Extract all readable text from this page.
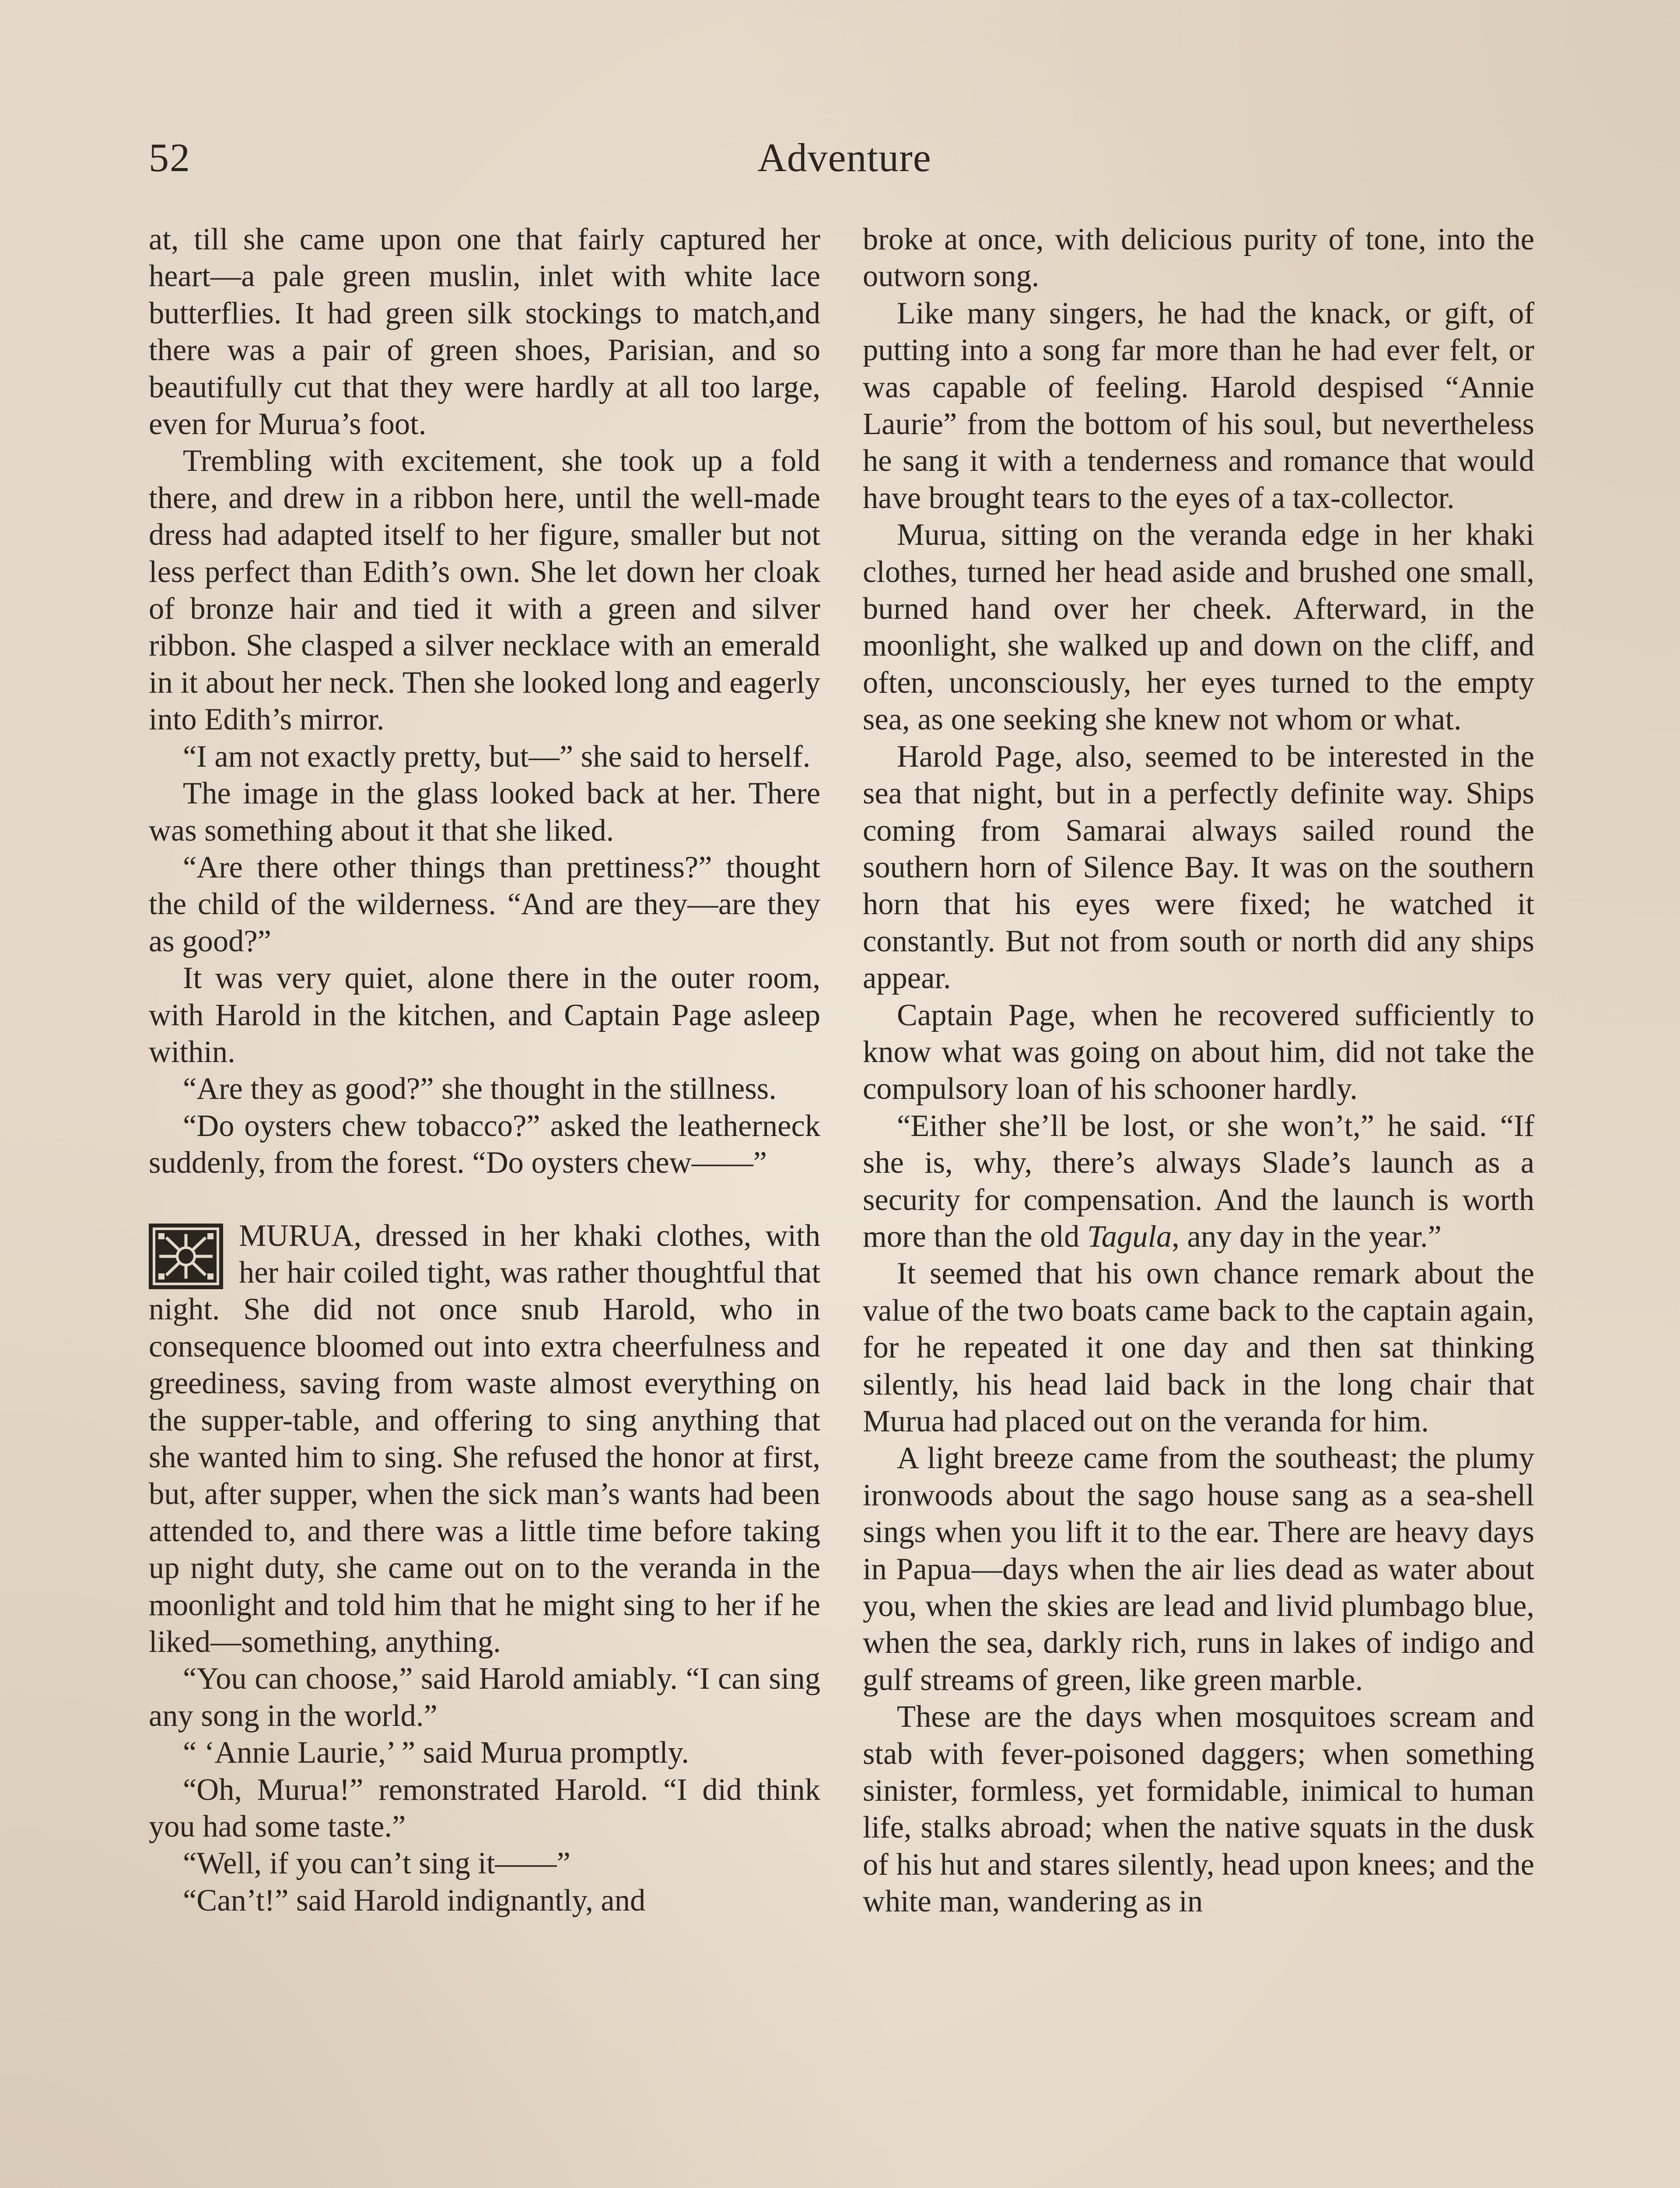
52	Adventure

at, till she came upon one that fairly captured her heart—a pale green muslin, inlet with white lace butterflies. It had green silk stockings to match,and there was a pair of green shoes, Parisian, and so beautifully cut that they were hardly at all too large, even for Murua’s foot.

Trembling with excitement, she took up a fold there, and drew in a ribbon here, until the well-made dress had adapted itself to her figure, smaller but not less perfect than Edith’s own. She let down her cloak of bronze hair and tied it with a green and silver ribbon. She clasped a silver necklace with an emerald in it about her neck. Then she looked long and eagerly into Edith’s mirror.

“I am not exactly pretty, but—” she said to herself.

The image in the glass looked back at her. There was something about it that she liked.

“Are there other things than prettiness?” thought the child of the wilderness. “And are they—are they as good?”

It was very quiet, alone there in the outer room, with Harold in the kitchen, and Captain Page asleep within.

“Are they as good?” she thought in the stillness.

“Do oysters chew tobacco?” asked the leatherneck suddenly, from the forest. “Do oysters chew——”

MURUA, dressed in her khaki clothes, with her hair coiled tight, was rather thoughtful that night. She did not once snub Harold, who in consequence bloomed out into extra cheerfulness and greediness, saving from waste almost everything on the supper-table, and offering to sing anything that she wanted him to sing. She refused the honor at first, but, after supper, when the sick man’s wants had been attended to, and there was a little time before taking up night duty, she came out on to the veranda in the moonlight and told him that he might sing to her if he liked—something, anything.

“You can choose,” said Harold amiably. “I can sing any song in the world.”

“ ‘Annie Laurie,’ ” said Murua promptly.

“Oh, Murua!” remonstrated Harold. “I did think you had some taste.”

“Well, if you can’t sing it——”

“Can’t!” said Harold indignantly, and

broke at once, with delicious purity of tone, into the outworn song.

Like many singers, he had the knack, or gift, of putting into a song far more than he had ever felt, or was capable of feeling. Harold despised “Annie Laurie” from the bottom of his soul, but nevertheless he sang it with a tenderness and romance that would have brought tears to the eyes of a tax-collector.

Murua, sitting on the veranda edge in her khaki clothes, turned her head aside and brushed one small, burned hand over her cheek. Afterward, in the moonlight, she walked up and down on the cliff, and often, unconsciously, her eyes turned to the empty sea, as one seeking she knew not whom or what.

Harold Page, also, seemed to be interested in the sea that night, but in a perfectly definite way. Ships coming from Samarai always sailed round the southern horn of Silence Bay. It was on the southern horn that his eyes were fixed; he watched it constantly. But not from south or north did any ships appear.

Captain Page, when he recovered sufficiently to know what was going on about him, did not take the compulsory loan of his schooner hardly.

“Either she’ll be lost, or she won’t,” he said. “If she is, why, there’s always Slade’s launch as a security for compensation. And the launch is worth more than the old Tagula, any day in the year.”

It seemed that his own chance remark about the value of the two boats came back to the captain again, for he repeated it one day and then sat thinking silently, his head laid back in the long chair that Murua had placed out on the veranda for him.

A light breeze came from the southeast; the plumy ironwoods about the sago house sang as a sea-shell sings when you lift it to the ear. There are heavy days in Papua—days when the air lies dead as water about you, when the skies are lead and livid plumbago blue, when the sea, darkly rich, runs in lakes of indigo and gulf streams of green, like green marble.

These are the days when mosquitoes scream and stab with fever-poisoned daggers; when something sinister, formless, yet formidable, inimical to human life, stalks abroad; when the native squats in the dusk of his hut and stares silently, head upon knees; and the white man, wandering as in
